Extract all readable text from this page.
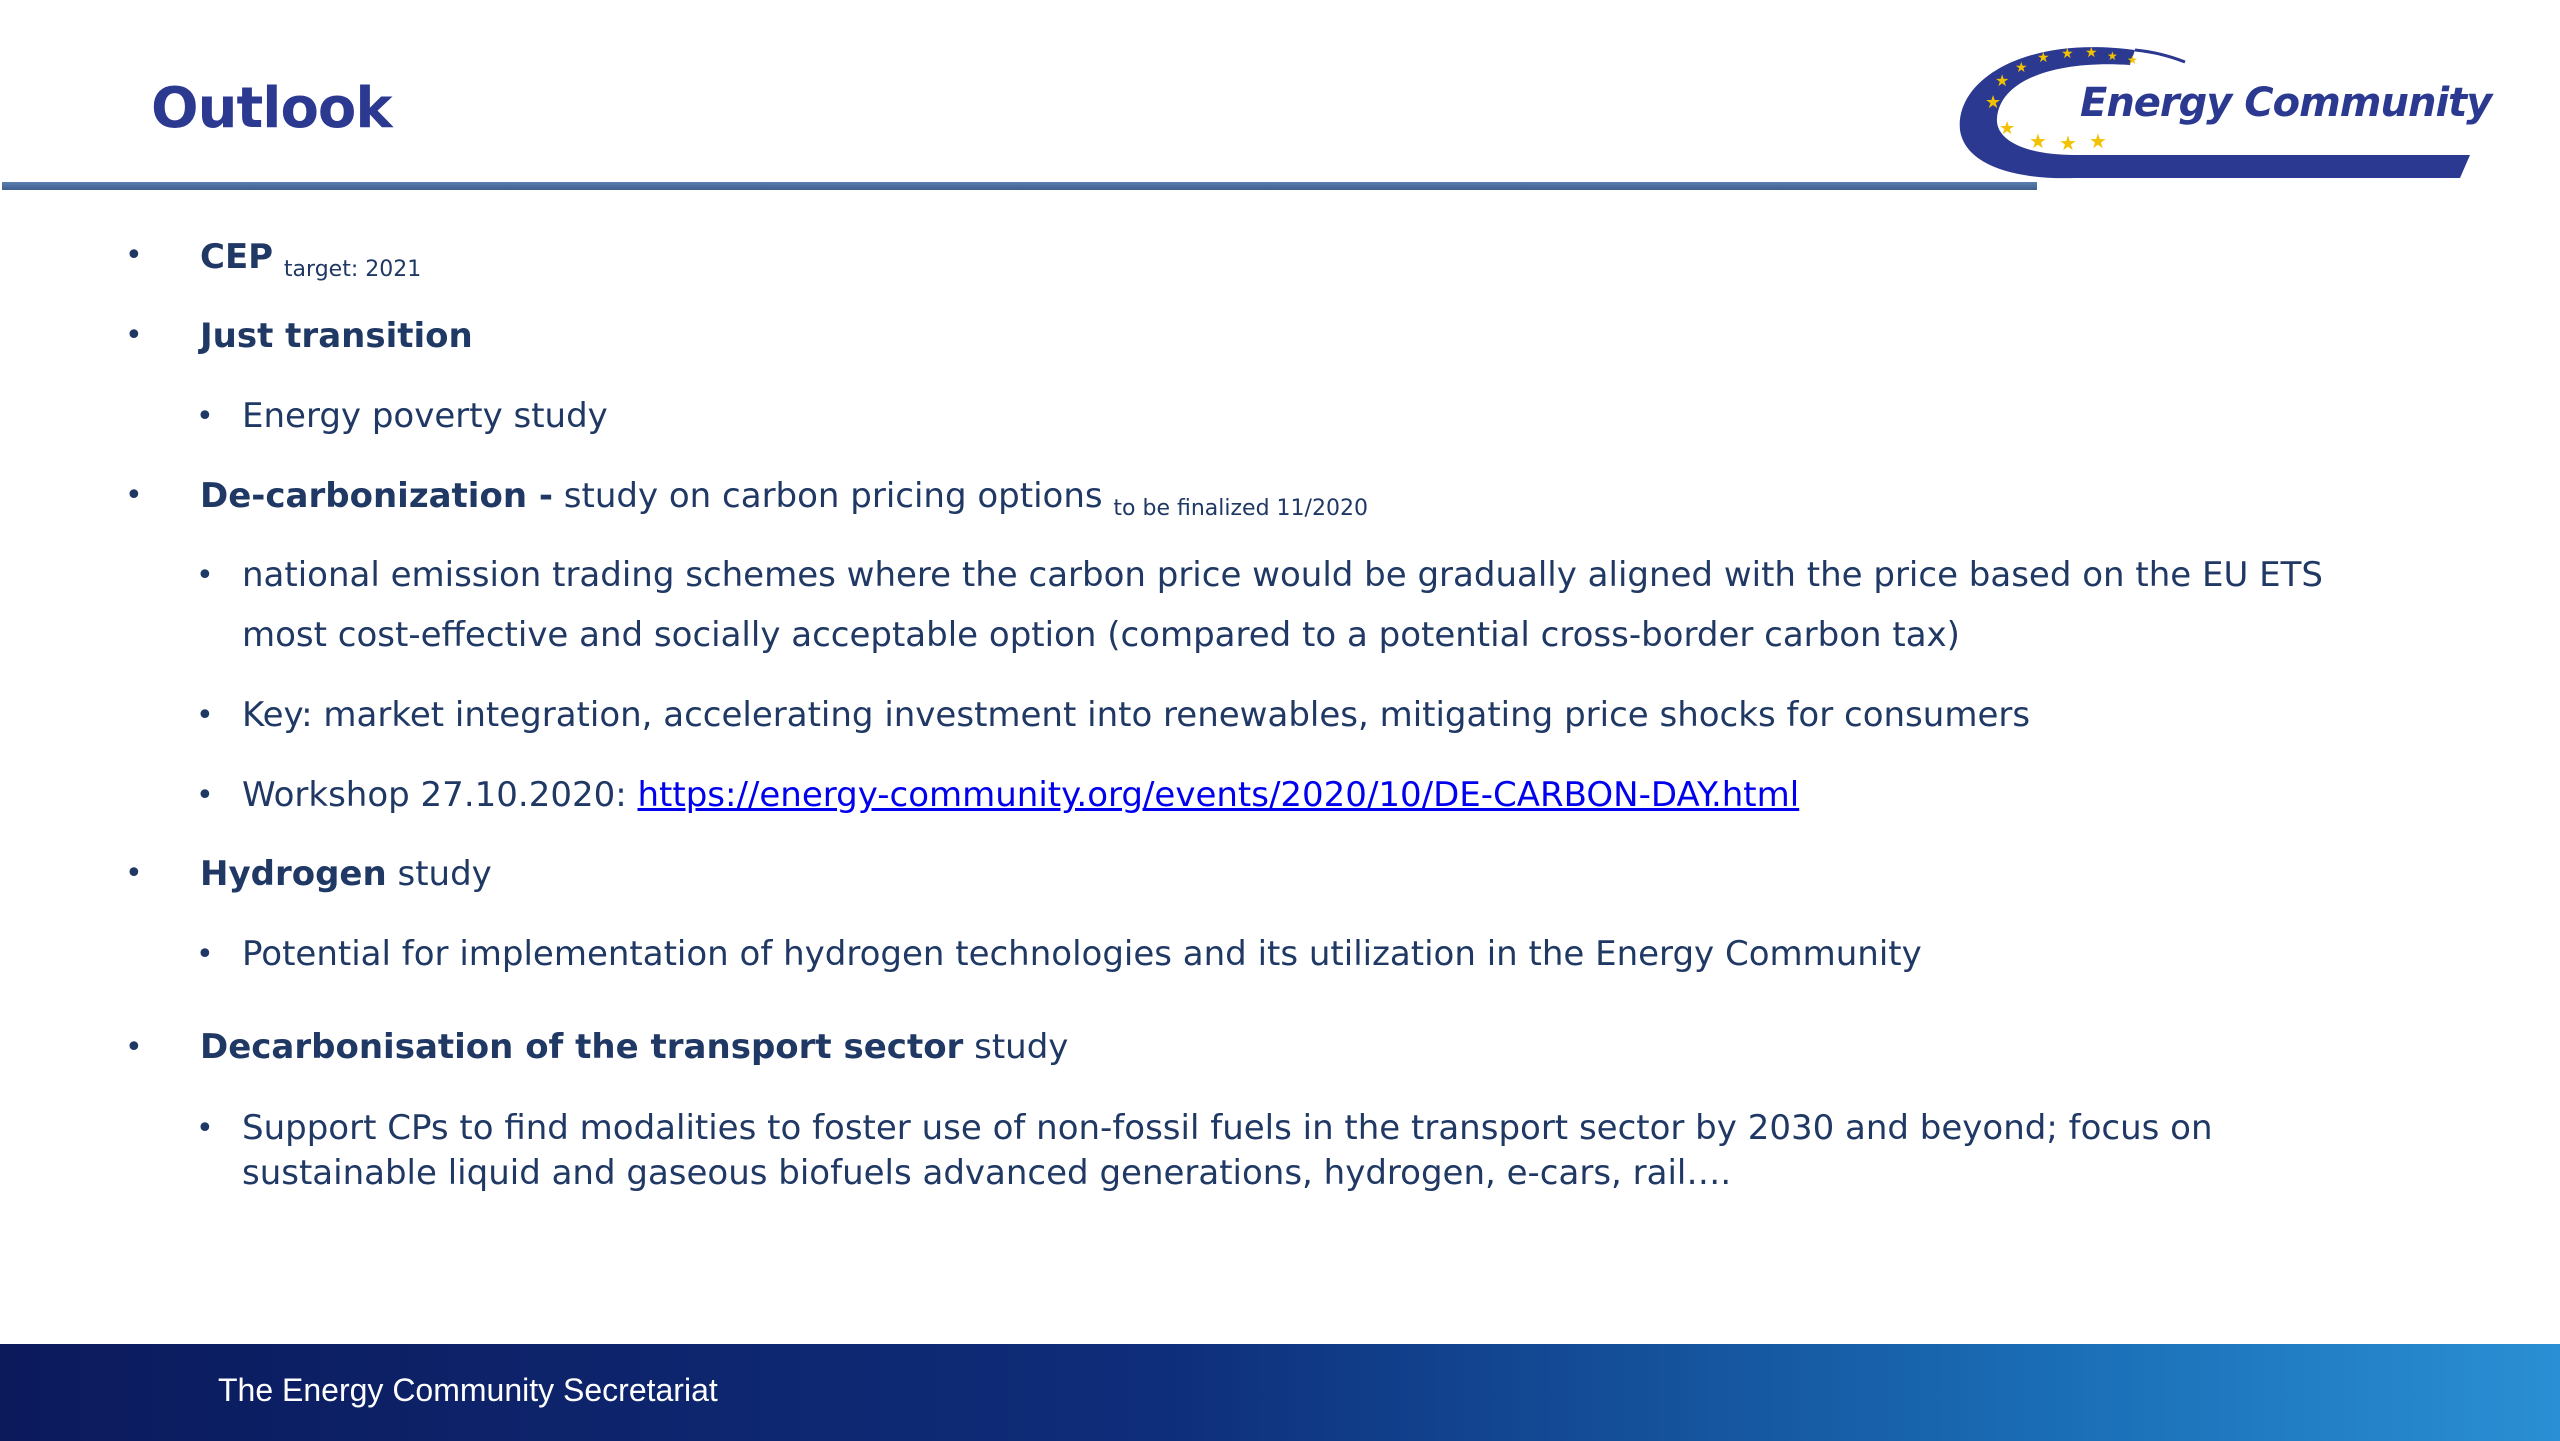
Outlook
★
★ ★ ★ ★ ★
★
★
★
★ ★ ★
Energy Community
• CEP $_{target: 2021}$
• Just transition
• Energy poverty study
• De-carbonization - study on carbon pricing options $_{to be finalized 11/2020}$
• national emission trading schemes where the carbon price would be gradually aligned with the price based on the EU ETS
most cost-effective and socially acceptable option (compared to a potential cross-border carbon tax)
• Key: market integration, accelerating investment into renewables, mitigating price shocks for consumers
• Workshop 27.10.2020: https://energy-community.org/events/2020/10/DE-CARBON-DAY.html
• Hydrogen study
• Potential for implementation of hydrogen technologies and its utilization in the Energy Community
• Decarbonisation of the transport sector study
• Support CPs to find modalities to foster use of non-fossil fuels in the transport sector by 2030 and beyond; focus on
sustainable liquid and gaseous biofuels advanced generations, hydrogen, e-cars, rail….
The Energy Community Secretariat
